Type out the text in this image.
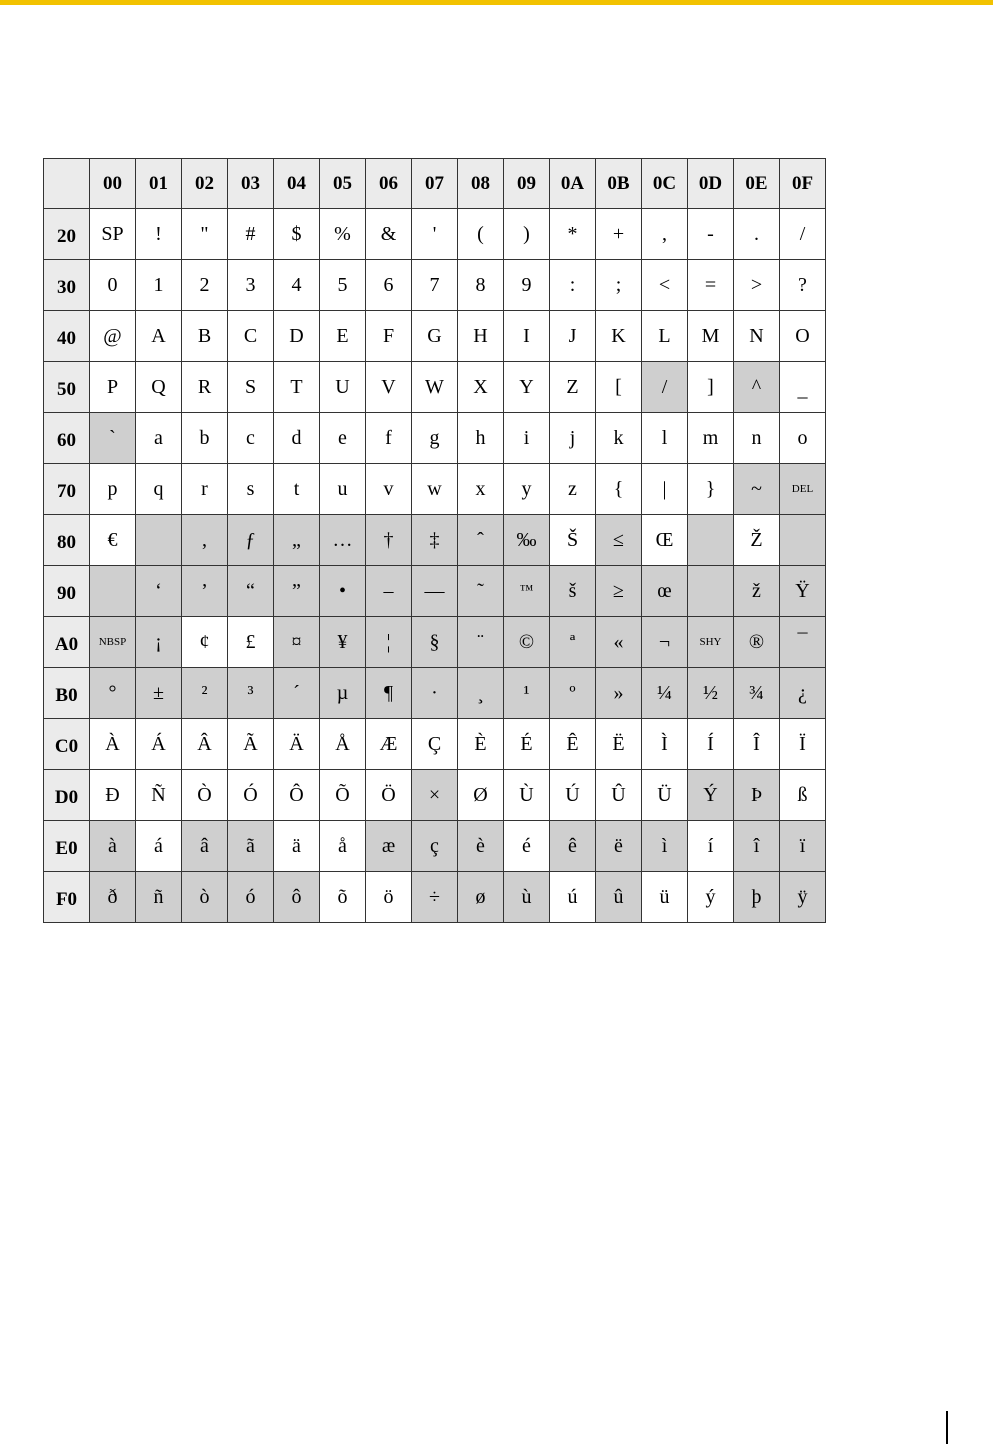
	00	01	02	03	04	05	06	07	08	09	0A	0B	0C	0D	0E	0F
20	SP	!	"	#	$	%	&	'	(	)	*	+	,	-	.	/
30	0	1	2	3	4	5	6	7	8	9	:	;	<	=	>	?
40	@	A	B	C	D	E	F	G	H	I	J	K	L	M	N	O
50	P	Q	R	S	T	U	V	W	X	Y	Z	[	/	]	^	_
60	`	a	b	c	d	e	f	g	h	i	j	k	l	m	n	o
70	p	q	r	s	t	u	v	w	x	y	z	{	|	}	~	DEL
80	€		,	ƒ	„	…	†	‡	ˆ	‰	Š	≤	Œ		Ž	
90		‘	’	“	”	•	–	—	˜	™	š	≥	œ		ž	Ÿ
A0	NBSP	¡	¢	£	¤	¥	¦	§	¨	©	ª	«	¬	SHY	®	¯
B0	°	±	²	³	´	µ	¶	·	¸	¹	º	»	¼	½	¾	¿
C0	À	Á	Â	Ã	Ä	Å	Æ	Ç	È	É	Ê	Ë	Ì	Í	Î	Ï
D0	Ð	Ñ	Ò	Ó	Ô	Õ	Ö	×	Ø	Ù	Ú	Û	Ü	Ý	Þ	ß
E0	à	á	â	ã	ä	å	æ	ç	è	é	ê	ë	ì	í	î	ï
F0	ð	ñ	ò	ó	ô	õ	ö	÷	ø	ù	ú	û	ü	ý	þ	ÿ
